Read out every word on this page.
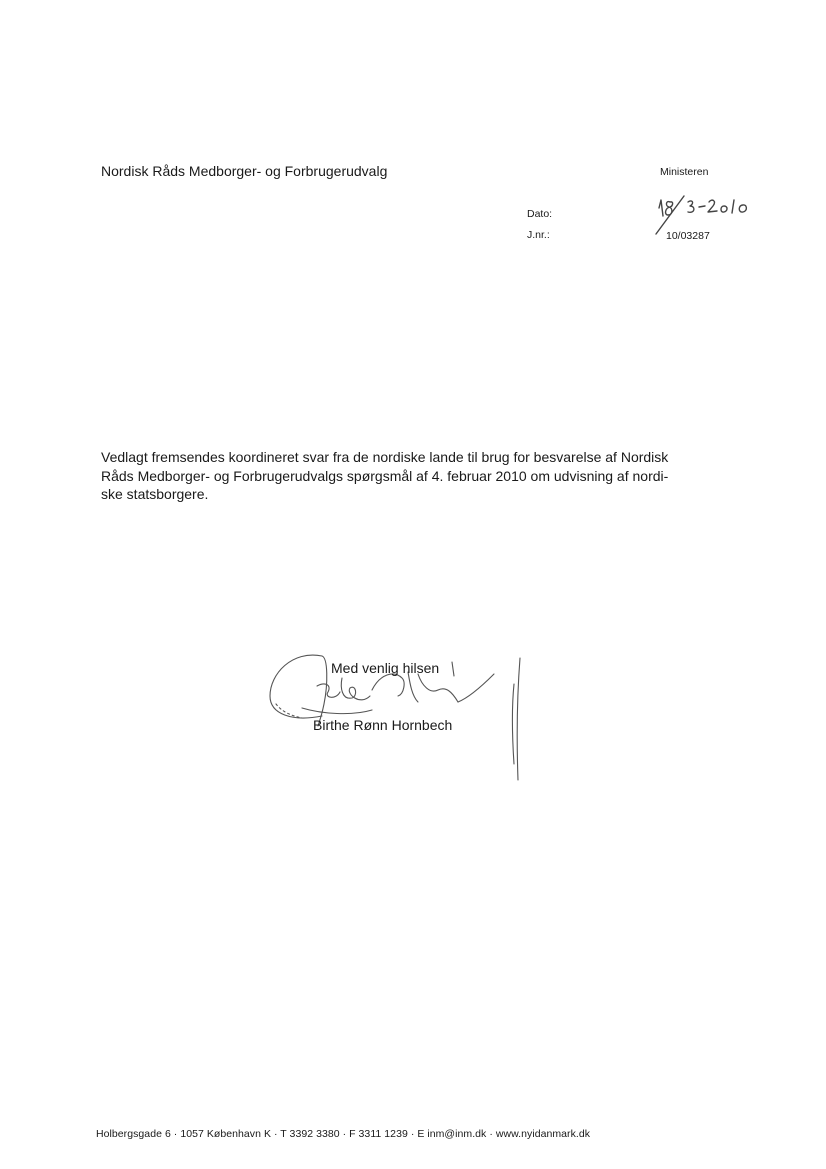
Nordisk Råds Medborger- og Forbrugerudvalg	Ministeren
Dato:
J.nr.:	10/03287
Vedlagt fremsendes koordineret svar fra de nordiske lande til brug for besvarelse af Nordisk
Råds Medborger- og Forbrugerudvalgs spørgsmål af 4. februar 2010 om udvisning af nordi-
ske statsborgere.
Med venlig hilsen
Birthe Rønn Hornbech
Holbergsgade 6 · 1057 København K · T 3392 3380 · F 3311 1239 · E inm@inm.dk · www.nyidanmark.dk
